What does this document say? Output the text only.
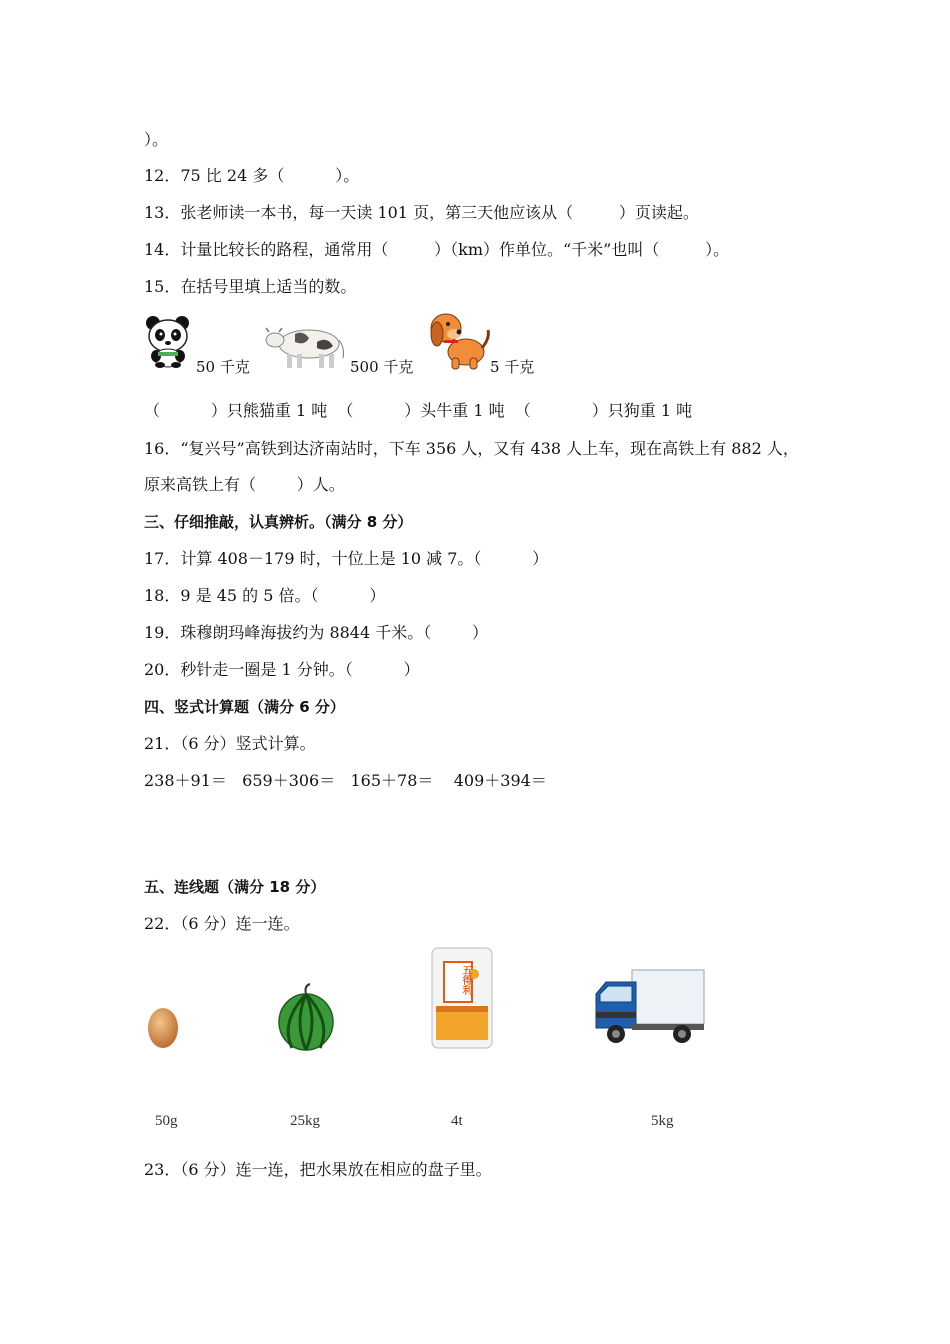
）。
12．75 比 24 多（          ）。
13．张老师读一本书，每一天读 101 页，第三天他应该从（         ）页读起。
14．计量比较长的路程，通常用（         ）（km）作单位。“千米”也叫（         ）。
15．在括号里填上适当的数。
50 千克	500 千克	5 千克
（          ）只熊猫重 1 吨  （          ）头牛重 1 吨  （            ）只狗重 1 吨
16．“复兴号”高铁到达济南站时，下车 356 人，又有 438 人上车，现在高铁上有 882 人，
原来高铁上有（        ）人。
三、仔细推敲，认真辨析。（满分 8 分）
17．计算 408－179 时，十位上是 10 减 7。（          ）
18．9 是 45 的 5 倍。（          ）
19．珠穆朗玛峰海拔约为 8844 千米。（        ）
20．秒针走一圈是 1 分钟。（          ）
四、竖式计算题（满分 6 分）
21．（6 分）竖式计算。
238＋91＝   659＋306＝   165＋78＝    409＋394＝
五、连线题（满分 18 分）
22．（6 分）连一连。
五得利
50g	25kg	4t	5kg
23．（6 分）连一连，把水果放在相应的盘子里。
